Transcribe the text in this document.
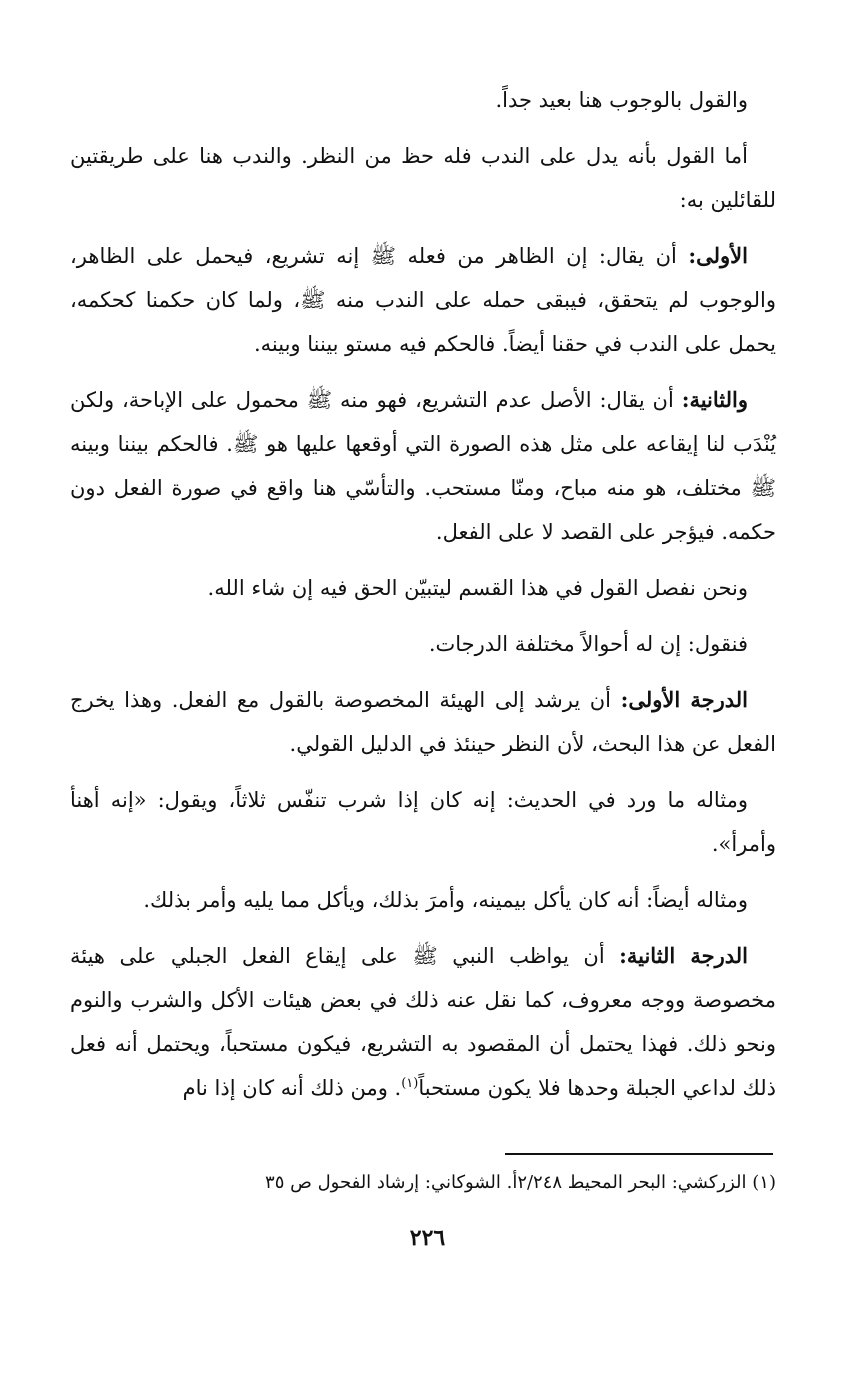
والقول بالوجوب هنا بعيد جداً.

أما القول بأنه يدل على الندب فله حظ من النظر. والندب هنا على طريقتين للقائلين به:

الأولى: أن يقال: إن الظاهر من فعله ﷺ إنه تشريع، فيحمل على الظاهر، والوجوب لم يتحقق، فيبقى حمله على الندب منه ﷺ، ولما كان حكمنا كحكمه، يحمل على الندب في حقنا أيضاً. فالحكم فيه مستو بيننا وبينه.

والثانية: أن يقال: الأصل عدم التشريع، فهو منه ﷺ محمول على الإباحة، ولكن يُنْدَب لنا إيقاعه على مثل هذه الصورة التي أوقعها عليها هو ﷺ. فالحكم بيننا وبينه ﷺ مختلف، هو منه مباح، ومنّا مستحب. والتأسّي هنا واقع في صورة الفعل دون حكمه. فيؤجر على القصد لا على الفعل.

ونحن نفصل القول في هذا القسم ليتبيّن الحق فيه إن شاء الله.

فنقول: إن له أحوالاً مختلفة الدرجات.

الدرجة الأولى: أن يرشد إلى الهيئة المخصوصة بالقول مع الفعل. وهذا يخرج الفعل عن هذا البحث، لأن النظر حينئذ في الدليل القولي.

ومثاله ما ورد في الحديث: إنه كان إذا شرب تنفّس ثلاثاً، ويقول: «إنه أهنأ وأمرأ».

ومثاله أيضاً: أنه كان يأكل بيمينه، وأمرَ بذلك، ويأكل مما يليه وأمر بذلك.

الدرجة الثانية: أن يواظب النبي ﷺ على إيقاع الفعل الجبلي على هيئة مخصوصة ووجه معروف، كما نقل عنه ذلك في بعض هيئات الأكل والشرب والنوم ونحو ذلك. فهذا يحتمل أن المقصود به التشريع، فيكون مستحباً، ويحتمل أنه فعل ذلك لداعي الجبلة وحدها فلا يكون مستحباً$^{(١)}$. ومن ذلك أنه كان إذا نام

(١) الزركشي: البحر المحيط ٢/٢٤٨أ. الشوكاني: إرشاد الفحول ص ٣٥
٢٢٦
